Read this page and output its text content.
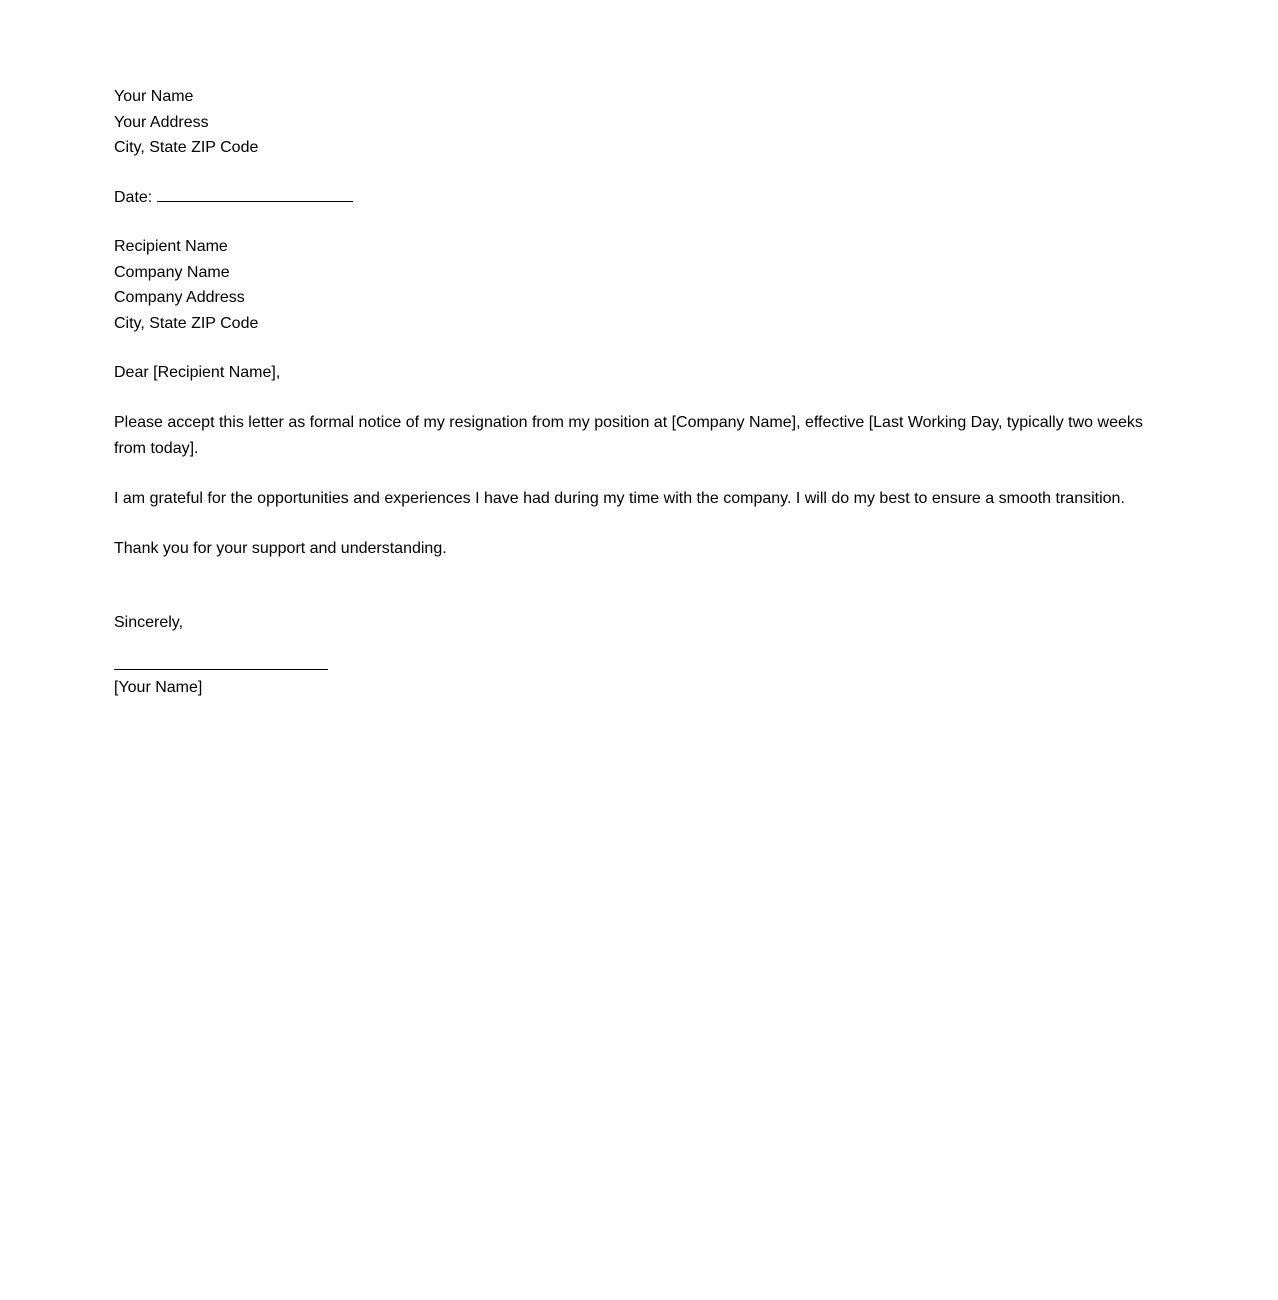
Your Name
Your Address
City, State ZIP Code
Date:
Recipient Name
Company Name
Company Address
City, State ZIP Code
Dear [Recipient Name],

Please accept this letter as formal notice of my resignation from my position at [Company Name], effective [Last Working Day, typically two weeks from today].

I am grateful for the opportunities and experiences I have had during my time with the company. I will do my best to ensure a smooth transition.

Thank you for your support and understanding.

Sincerely,
[Your Name]
